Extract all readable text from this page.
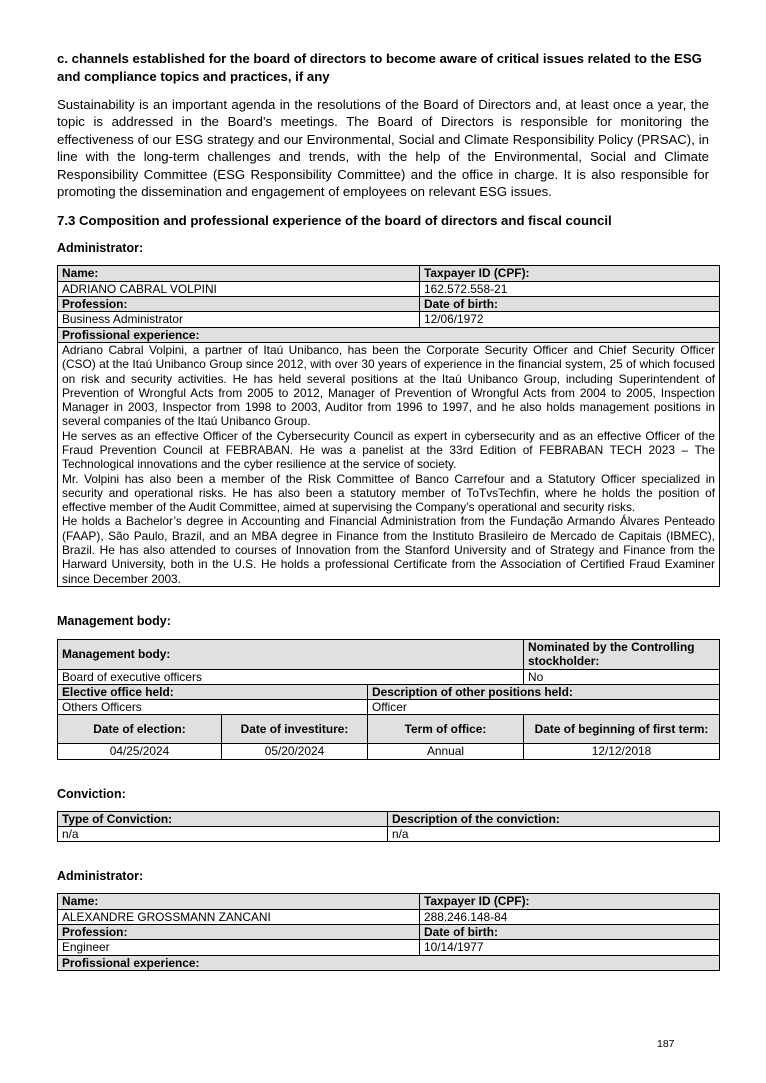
c. channels established for the board of directors to become aware of critical issues related to the ESG and compliance topics and practices, if any

Sustainability is an important agenda in the resolutions of the Board of Directors and, at least once a year, the topic is addressed in the Board’s meetings. The Board of Directors is responsible for monitoring the effectiveness of our ESG strategy and our Environmental, Social and Climate Responsibility Policy (PRSAC), in line with the long-term challenges and trends, with the help of the Environmental, Social and Climate Responsibility Committee (ESG Responsibility Committee) and the office in charge. It is also responsible for promoting the dissemination and engagement of employees on relevant ESG issues.

7.3 Composition and professional experience of the board of directors and fiscal council

Administrator:

Name:	Taxpayer ID (CPF):
ADRIANO CABRAL VOLPINI	162.572.558-21
Profession:	Date of birth:
Business Administrator	12/06/1972
Profissional experience:	

Adriano Cabral Volpini, a partner of Itaú Unibanco, has been the Corporate Security Officer and Chief Security Officer (CSO) at the Itaú Unibanco Group since 2012, with over 30 years of experience in the financial system, 25 of which focused on risk and security activities. He has held several positions at the Itaú Unibanco Group, including Superintendent of Prevention of Wrongful Acts from 2005 to 2012, Manager of Prevention of Wrongful Acts from 2004 to 2005, Inspection Manager in 2003, Inspector from 1998 to 2003, Auditor from 1996 to 1997, and he also holds management positions in several companies of the Itaú Unibanco Group.
He serves as an effective Officer of the Cybersecurity Council as expert in cybersecurity and as an effective Officer of the Fraud Prevention Council at FEBRABAN. He was a panelist at the 33rd Edition of FEBRABAN TECH 2023 – The Technological innovations and the cyber resilience at the service of society.
Mr. Volpini has also been a member of the Risk Committee of Banco Carrefour and a Statutory Officer specialized in security and operational risks. He has also been a statutory member of ToTvsTechfin, where he holds the position of effective member of the Audit Committee, aimed at supervising the Company’s operational and security risks.
He holds a Bachelor’s degree in Accounting and Financial Administration from the Fundação Armando Álvares Penteado (FAAP), São Paulo, Brazil, and an MBA degree in Finance from the Instituto Brasileiro de Mercado de Capitais (IBMEC), Brazil. He has also attended to courses of Innovation from the Stanford University and of Strategy and Finance from the Harward University, both in the U.S. He holds a professional Certificate from the Association of Certified Fraud Examiner since December 2003.	

Management body:

Management body:			Nominated by the Controlling stockholder:
Board of executive officers			No
Elective office held:		Description of other positions held:	
Others Officers		Officer	
Date of election:	Date of investiture:	Term of office:	Date of beginning of first term:
04/25/2024	05/20/2024	Annual	12/12/2018

Conviction:

Type of Conviction:	Description of the conviction:
n/a	n/a

Administrator:

Name:	Taxpayer ID (CPF):
ALEXANDRE GROSSMANN ZANCANI	288.246.148-84
Profession:	Date of birth:
Engineer	10/14/1977
Profissional experience:	
187
